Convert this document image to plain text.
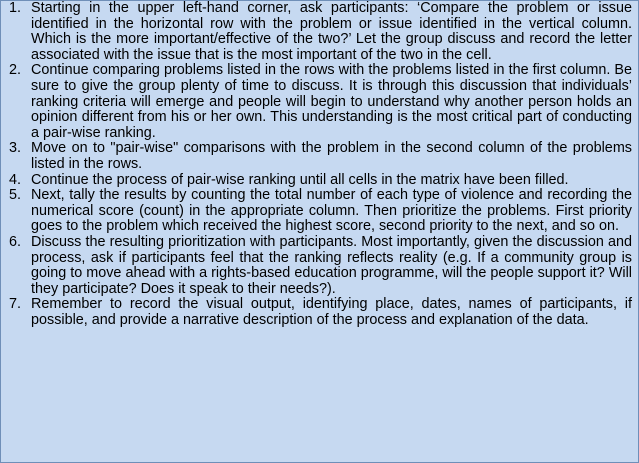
1. Starting in the upper left-hand corner, ask participants: ‘Compare the problem or issue identified in the horizontal row with the problem or issue identified in the vertical column. Which is the more important/effective of the two?’ Let the group discuss and record the letter associated with the issue that is the most important of the two in the cell.
2. Continue comparing problems listed in the rows with the problems listed in the first column. Be sure to give the group plenty of time to discuss. It is through this discussion that individuals’ ranking criteria will emerge and people will begin to understand why another person holds an opinion different from his or her own. This understanding is the most critical part of conducting a pair-wise ranking.
3. Move on to "pair-wise" comparisons with the problem in the second column of the problems listed in the rows.
4. Continue the process of pair-wise ranking until all cells in the matrix have been filled.
5. Next, tally the results by counting the total number of each type of violence and recording the numerical score (count) in the appropriate column. Then prioritize the problems. First priority goes to the problem which received the highest score, second priority to the next, and so on.
6. Discuss the resulting prioritization with participants. Most importantly, given the discussion and process, ask if participants feel that the ranking reflects reality (e.g. If a community group is going to move ahead with a rights-based education programme, will the people support it? Will they participate? Does it speak to their needs?).
7. Remember to record the visual output, identifying place, dates, names of participants, if possible, and provide a narrative description of the process and explanation of the data.
